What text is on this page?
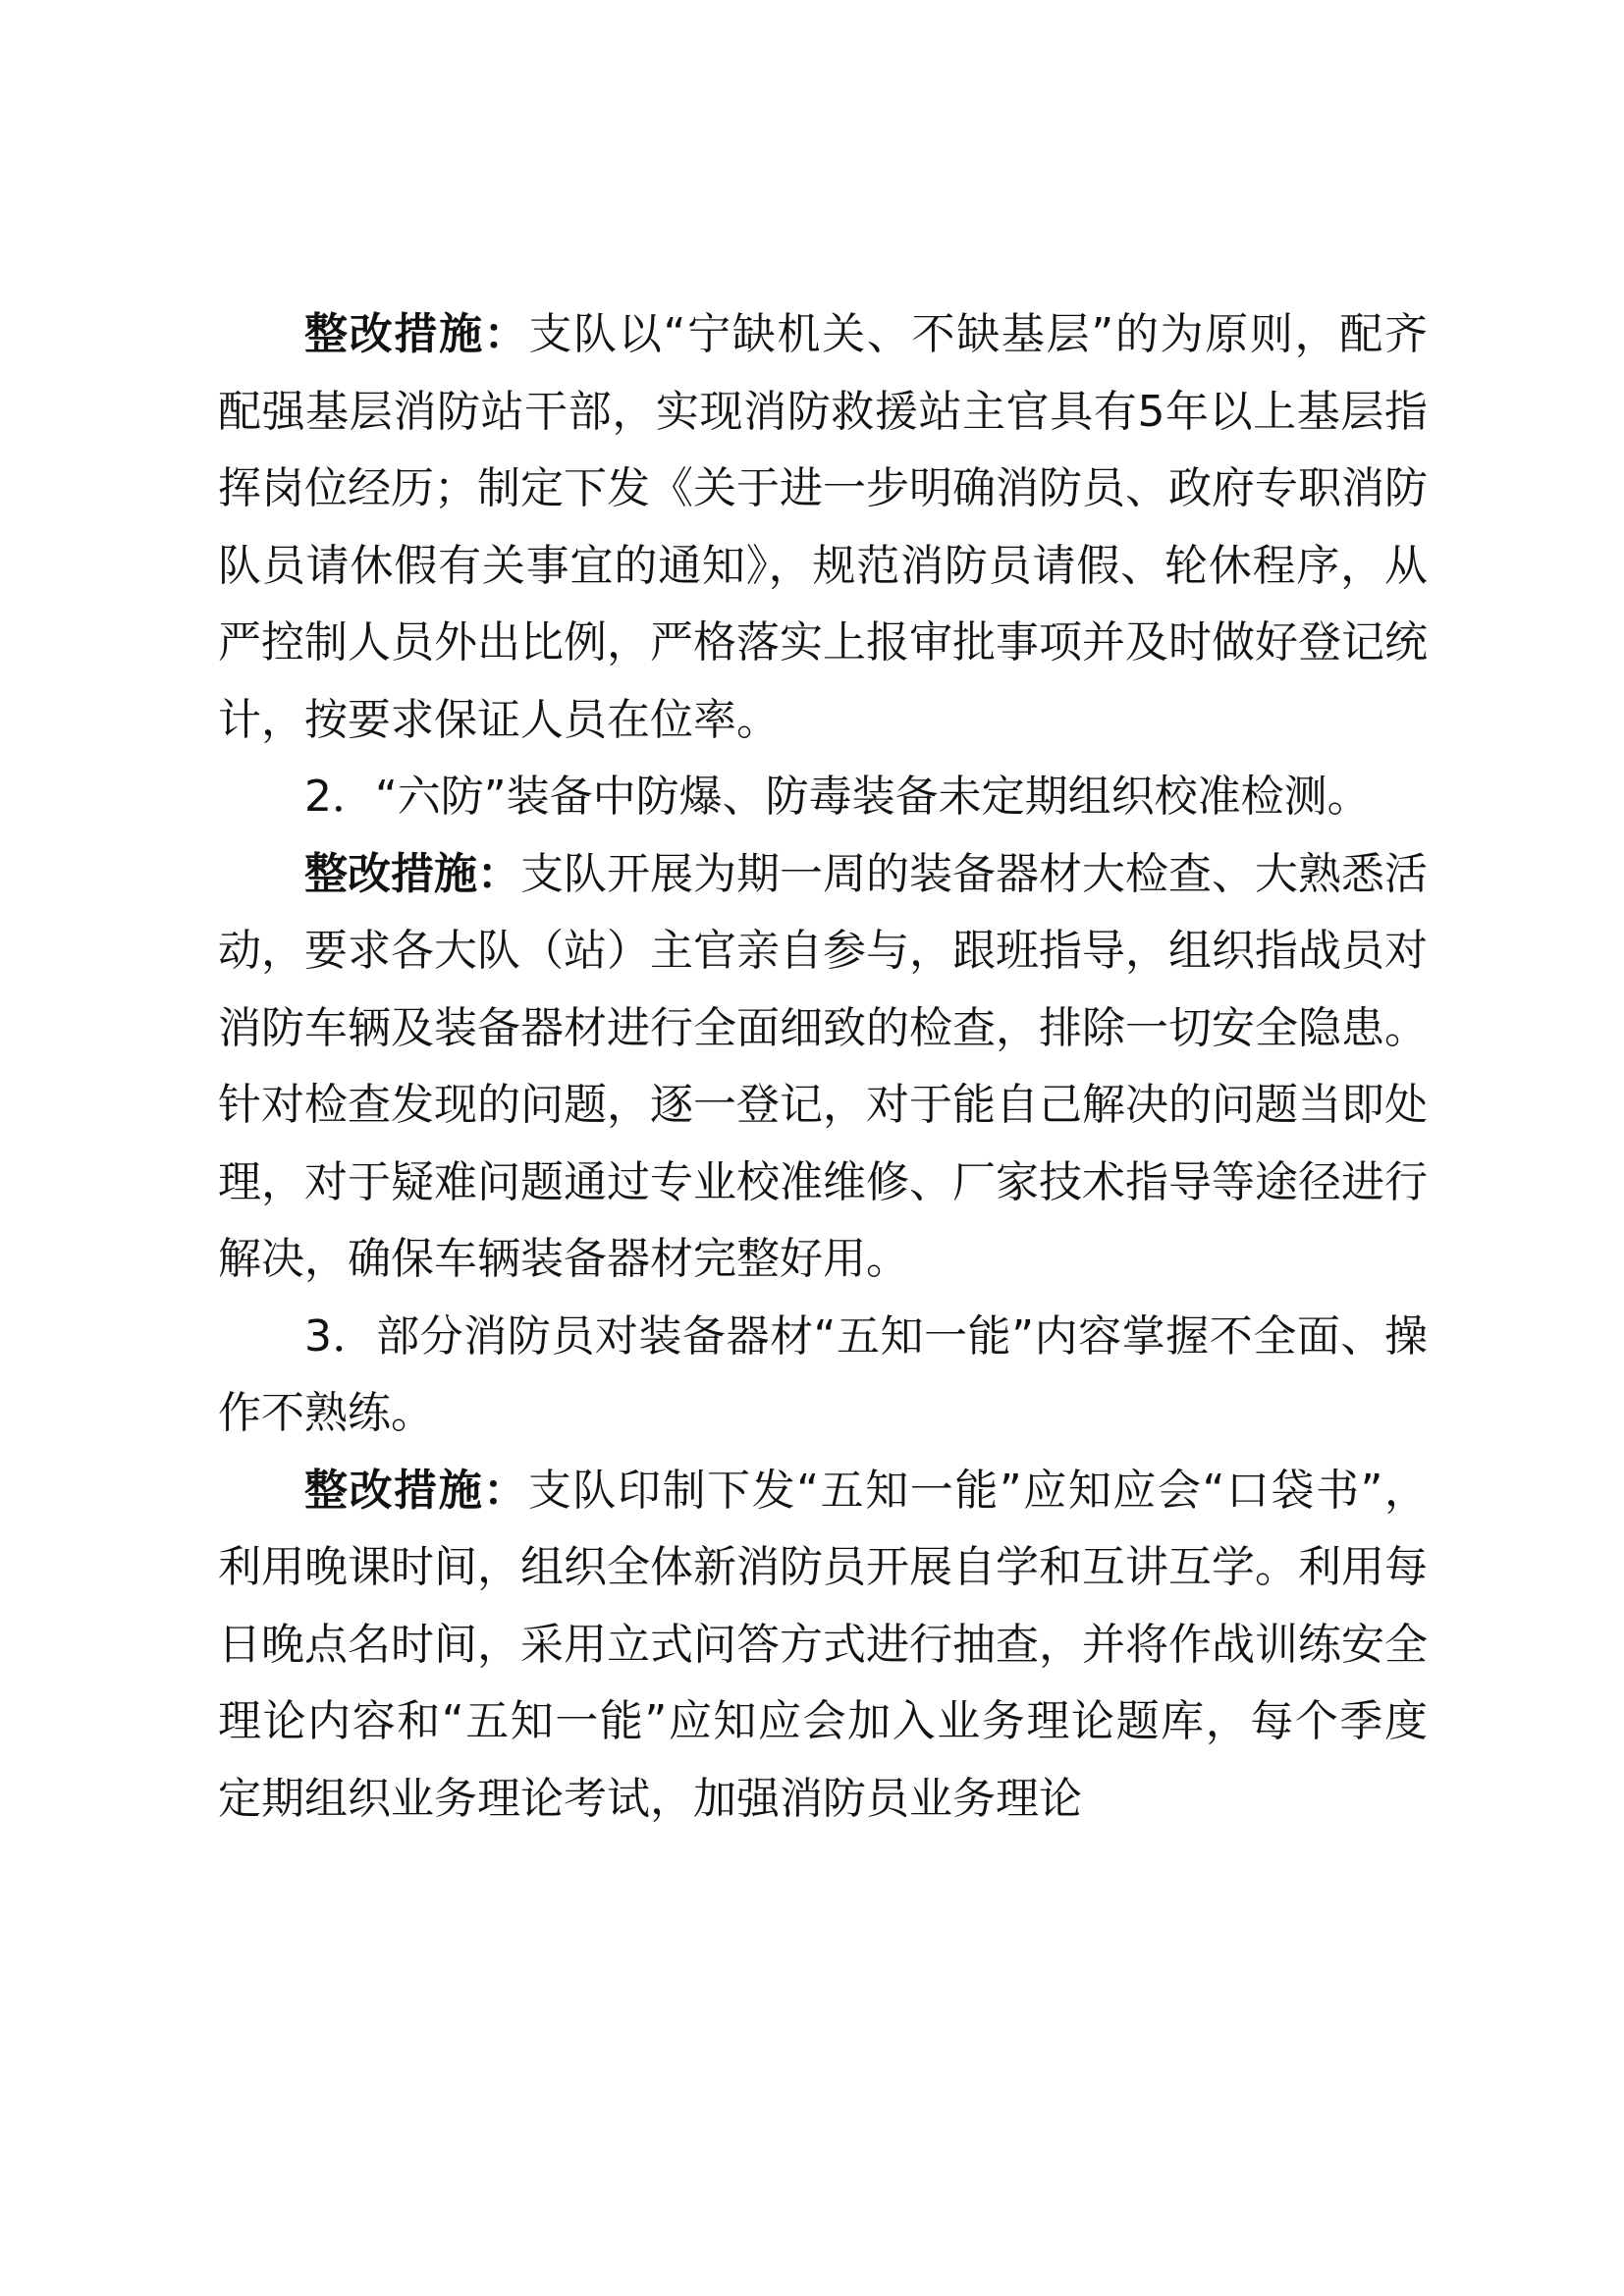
整改措施：支队以“宁缺机关、不缺基层”的为原则，配齐配强基层消防站干部，实现消防救援站主官具有5年以上基层指挥岗位经历；制定下发《关于进一步明确消防员、政府专职消防队员请休假有关事宜的通知》，规范消防员请假、轮休程序，从严控制人员外出比例，严格落实上报审批事项并及时做好登记统计，按要求保证人员在位率。

2．“六防”装备中防爆、防毒装备未定期组织校准检测。

整改措施：支队开展为期一周的装备器材大检查、大熟悉活动，要求各大队（站）主官亲自参与，跟班指导，组织指战员对消防车辆及装备器材进行全面细致的检查，排除一切安全隐患。针对检查发现的问题，逐一登记，对于能自己解决的问题当即处理，对于疑难问题通过专业校准维修、厂家技术指导等途径进行解决，确保车辆装备器材完整好用。

3．部分消防员对装备器材“五知一能”内容掌握不全面、操作不熟练。

整改措施：支队印制下发“五知一能”应知应会“口袋书”，利用晚课时间，组织全体新消防员开展自学和互讲互学。利用每日晚点名时间，采用立式问答方式进行抽查，并将作战训练安全理论内容和“五知一能”应知应会加入业务理论题库，每个季度定期组织业务理论考试，加强消防员业务理论
